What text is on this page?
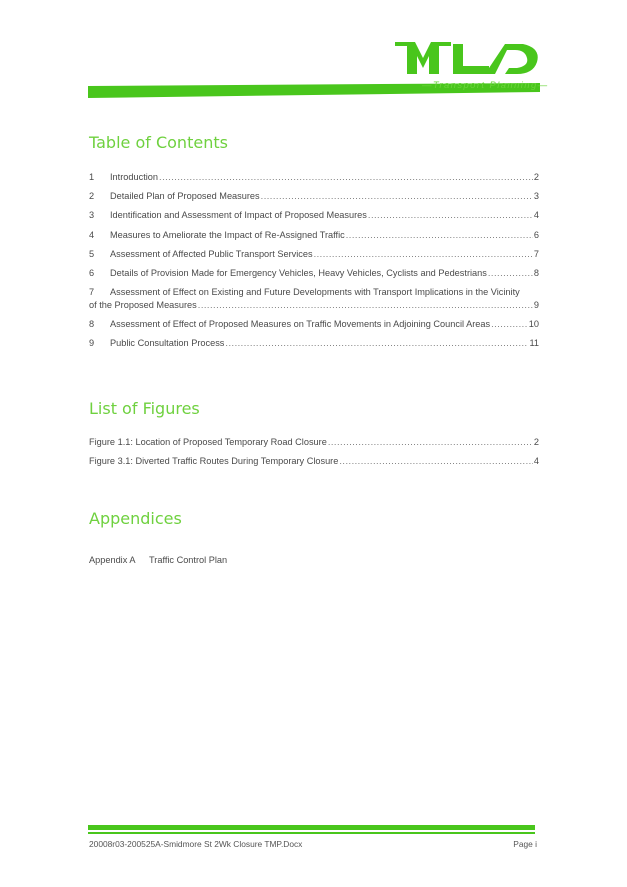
—Transport Planning—
Table of Contents
1	Introduction .....	2
2	Detailed Plan of Proposed Measures .....	3
3	Identification and Assessment of Impact of Proposed Measures .....	4
4	Measures to Ameliorate the Impact of Re-Assigned Traffic .....	6
5	Assessment of Affected Public Transport Services .....	7
6	Details of Provision Made for Emergency Vehicles, Heavy Vehicles, Cyclists and Pedestrians .....	8
7 Assessment of Effect on Existing and Future Developments with Transport Implications in the Vicinity
of the Proposed Measures .....	9
8	Assessment of Effect of Proposed Measures on Traffic Movements in Adjoining Council Areas .....	10
9	Public Consultation Process .....	11
List of Figures
Figure 1.1: Location of Proposed Temporary Road Closure .....	2
Figure 3.1: Diverted Traffic Routes During Temporary Closure .....	4
Appendices
Appendix A Traffic Control Plan
20008r03-200525A-Smidmore St 2Wk Closure TMP.Docx	Page i
